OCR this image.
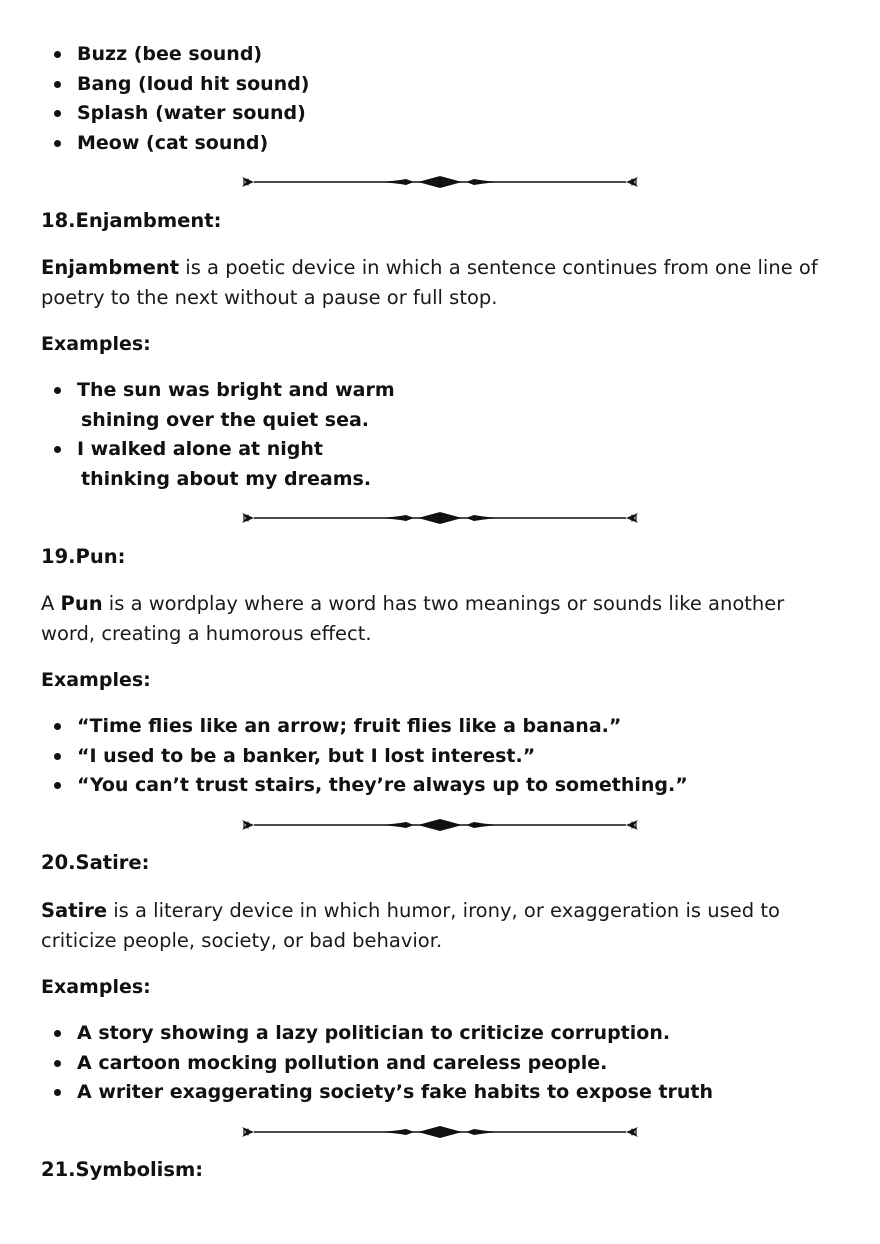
Buzz (bee sound)
Bang (loud hit sound)
Splash (water sound)
Meow (cat sound)

18.Enjambment:

Enjambment is a poetic device in which a sentence continues from one line of poetry to the next without a pause or full stop.

Examples:

The sun was bright and warm
shining over the quiet sea.
I walked alone at night
thinking about my dreams.

19.Pun:

A Pun is a wordplay where a word has two meanings or sounds like another word, creating a humorous effect.

Examples:

“Time flies like an arrow; fruit flies like a banana.”
“I used to be a banker, but I lost interest.”
“You can’t trust stairs, they’re always up to something.”

20.Satire:

Satire is a literary device in which humor, irony, or exaggeration is used to criticize people, society, or bad behavior.

Examples:

A story showing a lazy politician to criticize corruption.
A cartoon mocking pollution and careless people.
A writer exaggerating society’s fake habits to expose truth

21.Symbolism:
